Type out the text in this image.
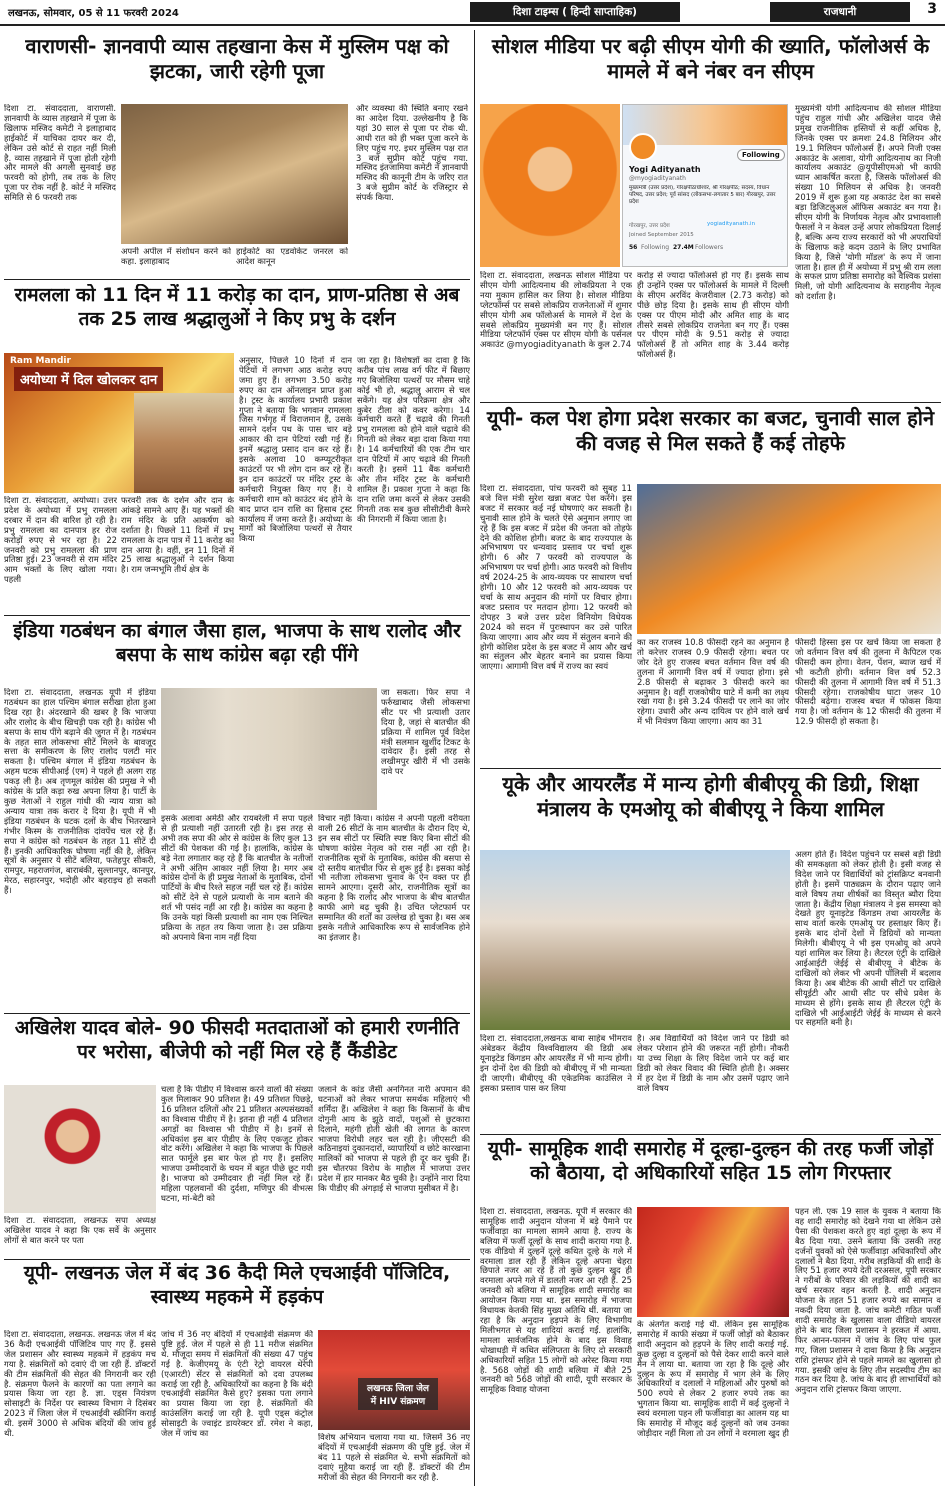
लखनऊ, सोमवार, 05 से 11 फरवरी 2024	दिशा टाइम्स ( हिन्दी साप्ताहिक)	राजधानी	3
वाराणसी- ज्ञानवापी व्यास तहखाना केस में मुस्लिम पक्ष को झटका, जारी रहेगी पूजा
दिशा टा. संवाददाता, वाराणसी. ज्ञानवापी के व्यास तहखाने में पूजा के खिलाफ मस्जिद कमेटी ने इलाहाबाद हाईकोर्ट में याचिका दायर कर दी, लेकिन उसे कोर्ट से राहत नहीं मिली है. व्यास तहखाने में पूजा होती रहेगी और मामले की अगली सुनवाई छह फरवरी को होगी, तब तक के लिए पूजा पर रोक नहीं है. कोर्ट ने मस्जिद समिति से 6 फरवरी तक
अपनी अपील में संशोधन करने को कहा. इलाहाबाद
हाईकोर्ट का एडवोकेट जनरल को आदेश कानून
और व्यवस्था की स्थिति बनाए रखने का आदेश दिया. उल्लेखनीय है कि यहां 30 साल से पूजा पर रोक थी. आधी रात को ही भक्त पूजा करने के लिए पहुंच गए. इधर मुस्लिम पक्ष रात 3 बजे सुप्रीम कोर्ट पहुंच गया. मस्जिद इंतजामिया कमेटी ने ज्ञानवापी मस्जिद की कानूनी टीम के जरिए रात 3 बजे सुप्रीम कोर्ट के रजिस्ट्रार से संपर्क किया.
रामलला को 11 दिन में 11 करोड़ का दान, प्राण-प्रतिष्ठा से अब तक 25 लाख श्रद्धालुओं ने किए प्रभु के दर्शन
Ram Mandir
अयोध्या में दिल खोलकर दान
दिशा टा. संवाददाता, अयोध्या। उत्तर प्रदेश के अयोध्या में प्रभु रामलला दरबार में दान की बारिश हो रही है। प्रभु रामलला का दानपात्र हर रोज करोड़ों रुपए से भर रहा है। 22 जनवरी को प्रभु रामलला की प्राण प्रतिष्ठा हुई। 23 जनवरी से राम मंदिर आम भक्तों के लिए खोला गया। पहली
फरवरी तक के दर्शन और दान के आंकड़े सामने आए हैं। यह भक्तों की राम मंदिर के प्रति आकर्षण को दर्शाता है। पिछले 11 दिनों में प्रभु रामलला के दान पात्र में 11 करोड़ का दान आया है। वहीं, इन 11 दिनों में 25 लाख श्रद्धालुओं ने दर्शन किया है। राम जन्मभूमि तीर्थ क्षेत्र के
अनुसार, पिछले 10 दिनों में दान पेटियों में लगभग आठ करोड़ रुपए जमा हुए हैं। लगभग 3.50 करोड़ रुपए का दान ऑनलाइन प्राप्त हुआ है। ट्रस्ट के कार्यालय प्रभारी प्रकाश गुप्ता ने बताया कि भगवान रामलला जिस गर्भगृह में विराजमान हैं, उसके सामने दर्शन पथ के पास चार बड़े आकार की दान पेटियां रखी गई हैं। इनमें श्रद्धालु प्रसाद दान कर रहे हैं। इसके अलावा 10 कम्प्यूटरीकृत काउंटरों पर भी लोग दान कर रहे हैं। इन दान काउंटरों पर मंदिर ट्रस्ट के कर्मचारी नियुक्त किए गए हैं। ये कर्मचारी शाम को काउंटर बंद होने के बाद प्राप्त दान राशि का हिसाब ट्रस्ट कार्यालय में जमा करते हैं। अयोध्या के मार्गों को बिजोलिया पत्थरों से तैयार किया
जा रहा है। विशेषज्ञों का दावा है कि करीब पांच लाख वर्ग फीट में बिछाए गए बिजोलिया पत्थरों पर मौसम चाहे कोई भी हो, श्रद्धालु आराम से चल सकेंगे। यह क्षेत्र परिक्रमा क्षेत्र और कुबेर टीला को कवर करेगा। 14 कर्मचारी करते हैं चढ़ावे की गिनती प्रभु रामलला को होने वाले चढ़ावे की गिनती को लेकर बड़ा दावा किया गया है। 14 कर्मचारियों की एक टीम चार दान पेटियों में आए चढ़ावे की गिनती करती है। इसमें 11 बैंक कर्मचारी और तीन मंदिर ट्रस्ट के कर्मचारी शामिल हैं। प्रकाश गुप्ता ने कहा कि दान राशि जमा करने से लेकर उसकी गिनती तक सब कुछ सीसीटीवी कैमरे की निगरानी में किया जाता है।
इंडिया गठबंधन का बंगाल जैसा हाल, भाजपा के साथ रालोद और बसपा के साथ कांग्रेस बढ़ा रही पींगे
दिशा टा. संवाददाता, लखनऊ यूपी में इंडिया गठबंधन का हाल पश्चिम बंगाल सरीखा होता हुआ दिख रहा है। अंदरखाने की खबर है कि भाजपा और रालोद के बीच खिचड़ी पक रही है। कांग्रेस भी बसपा के साथ पींगे बढ़ाने की जुगत में है। गठबंधन के तहत सात लोकसभा सीटें मिलने के बावजूद सत्ता के समीकरण के लिए रालोद पलटी मार सकता है। पश्चिम बंगाल में इंडिया गठबंधन के अहम घटक सीपीआई (एम) ने पहले ही अलग राह पकड़ ली है। अब तृणमूल कांग्रेस की प्रमुख ने भी कांग्रेस के प्रति कड़ा रुख अपना लिया है। पार्टी के कुछ नेताओं ने राहुल गांधी की न्याय यात्रा को अन्याय यात्रा तक करार दे दिया है। यूपी में भी इंडिया गठबंधन के घटक दलों के बीच भितरखाने गंभीर किस्म के राजनीतिक दांवपेंच चल रहे हैं। सपा ने कांग्रेस को गठबंधन के तहत 11 सीटें दी हैं। इनकी आधिकारिक घोषणा नहीं की है, लेकिन सूत्रों के अनुसार ये सीटें बलिया, फतेहपुर सीकरी, रामपुर, महराजगंज, बाराबंकी, सुल्तानपुर, कानपुर, मेरठ, सहारनपुर, भदोही और बहराइच हो सकती हैं।
जा सकता। फिर सपा ने फर्रुखाबाद जैसी लोकसभा सीट पर भी प्रत्याशी उतार दिया है, जहां से बातचीत की प्रक्रिया में शामिल पूर्व विदेश मंत्री सलमान खुर्शीद टिकट के दावेदार हैं। इसी तरह से लखीमपुर खीरी में भी उसके दावे पर
इसके अलावा अमेठी और रायबरेली में सपा पहले से ही प्रत्याशी नहीं उतारती रही है। इस तरह से अभी तक सपा की ओर से कांग्रेस के लिए कुल 13 सीटों की पेशकश की गई है। हालांकि, कांग्रेस के बड़े नेता लगातार कह रहे हैं कि बातचीत के नतीजों ने अभी अंतिम आकार नहीं लिया है। मगर अब कांग्रेस दोनों के ही प्रमुख नेताओं के मुताबिक, दोनों पार्टियों के बीच रिश्ते सहज नहीं चल रहे हैं। कांग्रेस को सीटें देने से पहले प्रत्याशी के नाम बताने की शर्त भी पसंद नहीं आ रही है। कांग्रेस का कहना है कि उनके यहां किसी प्रत्याशी का नाम एक निश्चित प्रक्रिया के तहत तय किया जाता है। उस प्रक्रिया को अपनाये बिना नाम नहीं दिया
विचार नहीं किया। कांग्रेस ने अपनी पहली वरीयता वाली 26 सीटों के नाम बातचीत के दौरान दिए थे, इन सब सीटों पर स्थिति स्पष्ट किए बिना सीटों की घोषणा कांग्रेस नेतृत्व को रास नहीं आ रही है। राजनीतिक सूत्रों के मुताबिक, कांग्रेस की बसपा से दो स्तरीय बातचीत फिर से शुरू हुई है। इसका कोई भी नतीजा लोकसभा चुनाव के ऐन वक्त पर ही सामने आएगा। दूसरी ओर, राजनीतिक सूत्रों का कहना है कि रालोद और भाजपा के बीच बातचीत काफी आगे बढ़ चुकी है। उचित प्लेटफार्म पर सम्मानित की शर्तों का उल्लेख हो चुका है। बस अब इसके नतीजे आधिकारिक रूप से सार्वजनिक होने का इंतजार है।
अखिलेश यादव बोले- 90 फीसदी मतदाताओं को हमारी रणनीति पर भरोसा, बीजेपी को नहीं मिल रहे हैं कैंडीडेट
दिशा टा. संवाददाता, लखनऊ सपा अध्यक्ष अखिलेश यादव ने कहा कि एक सर्वे के अनुसार लोगों से बात करने पर पता
चला है कि पीडीए में विश्वास करने वालों की संख्या कुल मिलाकर 90 प्रतिशत है। 49 प्रतिशत पिछड़े, 16 प्रतिशत दलितों और 21 प्रतिशत अल्पसंख्यकों का विश्वास पीडीए में है। इतना ही नहीं 4 प्रतिशत अगड़ों का विश्वास भी पीडीए में है। इनमें से अधिकांश इस बार पीडीए के लिए एकजुट होकर वोट करेंगे। अखिलेश ने कहा कि भाजपा के पिछले सात फार्मूले इस बार फेल हो गए हैं। इसलिए भाजपा उम्मीदवारों के चयन में बहुत पीछे छूट गयी है। भाजपा को उम्मीदवार ही नहीं मिल रहे हैं। महिला पहलवानों की दुर्दशा, मणिपुर की वीभत्स घटना, मां-बेटी को
जलाने के कांड जैसी अनगिनत नारी अपमान की घटनाओं को लेकर भाजपा समर्थक महिलाएं भी शर्मिंदा हैं। अखिलेश ने कहा कि किसानों के बीच दोगुनी आय के झूठे वादों, पशुओं से छुटकारा दिलाने, महंगी होती खेती की लागत के कारण भाजपा विरोधी लहर चल रही है। जीएसटी की कठिनाइयां दुकानदारों, व्यापारियों व छोटे कारखाना मालिकों को भाजपा से पहले ही दूर कर चुकी हैं। इस चौतरफा विरोध के माहौल में भाजपा उत्तर प्रदेश में हार मानकर बैठ चुकी है। उन्होंने नारा दिया कि पीडीए की अंगड़ाई से भाजपा मुसीबत में है।
यूपी- लखनऊ जेल में बंद 36 कैदी मिले एचआईवी पॉजिटिव, स्वास्थ्य महकमे में हड़कंप
दिशा टा. संवाददाता, लखनऊ. लखनऊ जेल में बंद 36 कैदी एचआईवी पॉजिटिव पाए गए हैं. इससे जेल प्रशासन और स्वास्थ्य महकमे में हड़कंप मच गया है. संक्रमितों को दवाएं दी जा रही हैं. डॉक्टरों की टीम संक्रमितों की सेहत की निगरानी कर रही है. संक्रमण फैलने के कारणों का पता लगाने का प्रयास किया जा रहा है. ज्ञा. एड्स नियंत्रण सोसाइटी के निर्देश पर स्वास्थ्य विभाग ने दिसंबर 2023 में जिला जेल में एचआईवी स्क्रीनिंग कराई थी. इसमें 3000 से अधिक बंदियों की जांच हुई थी.
जांच में 36 नए बंदियों में एचआईवी संक्रमण की पुष्टि हुई. जेल में पहले से ही 11 मरीज संक्रमित थे. मौजूदा समय में संक्रमितों की संख्या 47 पहुंच गई है. केजीएमयू के एंटी रेट्रो वायरल थेरेपी (एआरटी) सेंटर से संक्रमितों को दवा उपलब्ध कराई जा रही है. अधिकारियों का कहना है कि बंदी एचआईवी संक्रमित कैसे हुए? इसका पता लगाने का प्रयास किया जा रहा है. संक्रमितों की काउंसलिंग कराई जा रही है. यूपी एड्स कंट्रोल सोसाइटी के ज्वाइंट डायरेक्टर डॉ. रमेश ने कहा, जेल में जांच का
लखनऊ जिला जेल में HIV संक्रमण
विशेष अभियान चलाया गया था. जिसमें 36 नए बंदियों में एचआईवी संक्रमण की पुष्टि हुई. जेल में बंद 11 पहले से संक्रमित थे. सभी संक्रमितों को दवाएं मुहैया कराई जा रही हैं. डॉक्टरों की टीम मरीजों की सेहत की निगरानी कर रही है.
सोशल मीडिया पर बढ़ी सीएम योगी की ख्याति, फॉलोअर्स के मामले में बने नंबर वन सीएम
Following
Yogi Adityanath
@myogiadityanath
मुख्यमंत्री (उत्तर प्रदेश), गोरक्षपीठाधीश्वर, श्री गोरक्षपीठ; सदस्य, विधान परिषद, उत्तर प्रदेश; पूर्व सांसद (लोकसभा-लगातार 5 बार) गोरखपुर, उत्तर प्रदेश
गोरखपुर, उत्तर प्रदेश	yogiadityanath.in
Joined September 2015
56 Following 27.4M Followers
दिशा टा. संवाददाता, लखनऊ सोशल मीडिया पर सीएम योगी आदित्यनाथ की लोकप्रियता ने एक नया मुकाम हासिल कर लिया है। सोशल मीडिया प्लेटफॉर्म्स पर सबसे लोकप्रिय राजनेताओं में शुमार सीएम योगी अब फॉलोअर्स के मामले में देश के सबसे लोकप्रिय मुख्यमंत्री बन गए हैं। सोशल मीडिया प्लेटफॉर्म एक्स पर सीएम योगी के पर्सनल अकाउंट @myogiadityanath के कुल 2.74
करोड़ से ज्यादा फॉलोअर्स हो गए हैं। इसके साथ ही उन्होंने एक्स पर फॉलोअर्स के मामले में दिल्ली के सीएम अरविंद केजरीवाल (2.73 करोड़) को पीछे छोड़ दिया है। इसके साथ ही सीएम योगी एक्स पर पीएम मोदी और अमित शाह के बाद तीसरे सबसे लोकप्रिय राजनेता बन गए हैं। एक्स पर पीएम मोदी के 9.51 करोड़ से ज्यादा फॉलोअर्स हैं तो अमित शाह के 3.44 करोड़ फॉलोअर्स हैं।
मुख्यमंत्री योगी आदित्यनाथ की सोशल मीडिया पहुंच राहुल गांधी और अखिलेश यादव जैसे प्रमुख राजनीतिक हस्तियों से कहीं अधिक है, जिनके एक्स पर क्रमशः 24.8 मिलियन और 19.1 मिलियन फॉलोअर्स हैं। अपने निजी एक्स अकाउंट के अलावा, योगी आदित्यनाथ का निजी कार्यालय अकाउंट @यूपीसीएमओ भी काफी ध्यान आकर्षित करता है, जिसके फॉलोअर्स की संख्या 10 मिलियन से अधिक है। जनवरी 2019 में शुरू हुआ यह अकाउंट देश का सबसे बड़ा डिजिटलुअल ऑफिस अकाउंट बन गया है। सीएम योगी के निर्णायक नेतृत्व और प्रभावशाली फैसलों ने न केवल उन्हें अपार लोकप्रियता दिलाई है, बल्कि अन्य राज्य सरकारों को भी अपराधियों के खिलाफ कड़े कदम उठाने के लिए प्रभावित किया है, जिसे 'योगी मॉडल' के रूप में जाना जाता है। हाल ही में अयोध्या में प्रभु श्री राम लला के सफल प्राण प्रतिष्ठा समारोह को वैश्विक प्रशंसा मिली, जो योगी आदित्यनाथ के सराहनीय नेतृत्व को दर्शाता है।
यूपी- कल पेश होगा प्रदेश सरकार का बजट, चुनावी साल होने की वजह से मिल सकते हैं कई तोहफे
दिशा टा. संवाददाता, पांच फरवरी को सुबह 11 बजे वित्त मंत्री सुरेश खन्ना बजट पेश करेंगे। इस बजट में सरकार कई नई घोषणाएं कर सकती है। चुनावी साल होने के चलते ऐसे अनुमान लगाए जा रहे हैं कि इस बजट में प्रदेश की जनता को तोहफे देने की कोशिश होगी। बजट के बाद राज्यपाल के अभिभाषण पर धन्यवाद प्रस्ताव पर चर्चा शुरू होगी। 6 और 7 फरवरी को राज्यपाल के अभिभाषण पर चर्चा होगी। आठ फरवरी को वित्तीय वर्ष 2024-25 के आय-व्ययक पर साधारण चर्चा होगी। 10 और 12 फरवरी को आय-व्ययक पर चर्चा के साथ अनुदान की मांगों पर विचार होगा। बजट प्रस्ताव पर मतदान होगा। 12 फरवरी को दोपहर 3 बजे उत्तर प्रदेश विनियोग विधेयक 2024 को सदन में पुरःस्थापन कर उसे पारित किया जाएगा। आय और व्यय में संतुलन बनाने की होगी कोशिश प्रदेश के इस बजट में आय और खर्च का संतुलन और बेहतर बनाने का प्रयास किया जाएगा। आगामी वित्त वर्ष में राज्य का स्वयं
का कर राजस्व 10.8 फीसदी रहने का अनुमान है तो करेत्तर राजस्व 0.9 फीसदी रहेगा। बचत पर जोर देते हुए राजस्व बचत वर्तमान वित्त वर्ष की तुलना में आगामी वित्त वर्ष में ज्यादा होगा। इसे 2.8 फीसदी से बढ़ाकर 3 फीसदी करने का अनुमान है। वहीं राजकोषीय घाटे में कमी का लक्ष्य रखा गया है। इसे 3.24 फीसदी पर लाने का जोर रहेगा। उधारी और अन्य दायित्व पर होने वाले खर्च में भी नियंत्रण किया जाएगा। आय का 31
फीसदी हिस्सा इस पर खर्च किया जा सकता है जो वर्तमान वित्त वर्ष की तुलना में कैपिटल एक फीसदी कम होगा। वेतन, पेंशन, ब्याज खर्च में भी कटौती होगी। वर्तमान वित्त वर्ष 52.3 फीसदी की तुलना में आगामी वित्त वर्ष में 51.3 फीसदी रहेगा। राजकोषीय घाटा जरूर 10 फीसदी बढ़ेगा। राजस्व बचत में फोकस किया गया है। जो वर्तमान के 12 फीसदी की तुलना में 12.9 फीसदी हो सकता है।
यूके और आयरलैंड में मान्य होगी बीबीएयू की डिग्री, शिक्षा मंत्रालय के एमओयू को बीबीएयू ने किया शामिल
दिशा टा. संवाददाता,लखनऊ बाबा साहेब भीमराव अंबेडकर केंद्रीय विश्वविद्यालय की डिग्री अब यूनाइटेड किंगडम और आयरलैंड में भी मान्य होगी। इन दोनों देश की डिग्री को बीबीएयू में भी मान्यता दी जाएगी। बीबीएयू की एकेडमिक काउंसिल ने इसका प्रस्ताव पास कर लिया
है। अब विद्यार्थियों को विदेश जाने पर डिग्री को लेकर परेशान होने की जरूरत नहीं होगी। नौकरी या उच्च शिक्षा के लिए विदेश जाने पर कई बार डिग्री को लेकर विवाद की स्थिति होती है। अक्सर में हर देश में डिग्री के नाम और उसमें पढ़ाए जाने वाले विषय
अलग होते हैं। विदेश पहुंचने पर सबसे बड़ी डिग्री की समकक्षता को लेकर होती है। इसी वजह से विदेश जाने पर विद्यार्थियों को ट्रांसक्रिप्ट बनवानी होती है। इसमें पाठ्यक्रम के दौरान पढ़ाए जाने वाले विषय तथा शीर्षकों का विस्तृत ब्यौरा दिया जाता है। केंद्रीय शिक्षा मंत्रालय ने इस समस्या को देखते हुए यूनाइटेड किंगडम तथा आयरलैंड के साथ वार्ता करके एमओयू पर हस्ताक्षर किए हैं। इसके बाद दोनों देशों में डिग्रियों को मान्यता मिलेगी। बीबीएयू ने भी इस एमओयू को अपने यहां शामिल कर लिया है। लैटरल एंट्री के दाखिले आईआईटी जेईई से बीबीएयू ने बीटेक के दाखिलों को लेकर भी अपनी पॉलिसी में बदलाव किया है। अब बीटेक की आधी सीटों पर दाखिले सीयूईटी और आधी सीट पर सीधे प्रवेश के माध्यम से होंगे। इसके साथ ही लैटरल एंट्री के दाखिले भी आईआईटी जेईई के माध्यम से करने पर सहमति बनी है।
यूपी- सामूहिक शादी समारोह में दूल्हा-दुल्हन की तरह फर्जी जोड़ों को बैठाया, दो अधिकारियों सहित 15 लोग गिरफ्तार
दिशा टा. संवाददाता, लखनऊ. यूपी में सरकार की सामूहिक शादी अनुदान योजना में बड़े पैमाने पर फर्जीवाड़ा का मामला सामने आया है. राज्य के बलिया में फर्जी दूल्हों के साथ शादी कराया गया है. एक वीडियो में दुल्हनें दूल्हे कथित दूल्हे के गले में वरमाला डाल रही हैं लेकिन दूल्हे अपना चेहरा छिपाते नजर आ रहे हैं तो कुछ दुल्हन खुद ही वरमाला अपने गले में डालती नजर आ रही हैं. 25 जनवरी को बलिया में सामूहिक शादी समारोह का आयोजन किया गया था. इस समारोह में भाजपा विधायक केतकी सिंह मुख्य अतिथि थीं. बताया जा रहा है कि अनुदान हड़पने के लिए विभागीय मिलीभगत से यह शादियां कराई गईं. हालांकि, मामला सार्वजनिक होने के बाद इस विवाह धोखाधड़ी में कथित संलिप्तता के लिए दो सरकारी अधिकारियों सहित 15 लोगों को अरेस्ट किया गया है. 568 जोड़ों की शादी बलिया में बीते 25 जनवरी को 568 जोड़ों की शादी, यूपी सरकार के सामूहिक विवाह योजना
के अंतर्गत कराई गई थी. लेकिन इस सामूहिक समारोह में काफी संख्या में फर्जी जोड़ों को बैठाकर शादी अनुदान को हड़पने के लिए शादी कराई गई. कुछ दुल्हा व दुल्हनों को पैसे देकर शादी करने वाले मैन ने लाया था. बताया जा रहा है कि दूल्हे और दुल्हन के रूप में समारोह में भाग लेने के लिए अधिकारियों व दलालों ने महिलाओं और पुरुषों को 500 रुपये से लेकर 2 हजार रुपये तक का भुगतान किया था. सामूहिक शादी में कई दुल्हनों ने स्वयं वरमाला पहन ली फर्जीवाड़ा का आलम यह था कि समारोह में मौजूद कई दुल्हनों को जब उनका जोड़ीदार नहीं मिला तो उन लोगों ने वरमाला खुद ही
पहन ली. एक 19 साल के युवक ने बताया कि वह शादी समारोह को देखने गया था लेकिन उसे पैसा की पेशकश करते हुए वहां दूल्हा के रूप में बैठ दिया गया. उसने बताया कि उसकी तरह दर्जनों युवकों को ऐसे फर्जीवाड़ा अधिकारियों और दलालों ने बैठा दिया. गरीब लड़कियों की शादी के लिए 51 हजार रुपये देती दरअसल, यूपी सरकार ने गरीबों के परिवार की लड़कियों की शादी का खर्च सरकार वहन करती है. शादी अनुदान योजना के तहत 51 हजार रुपये का सामान व नकदी दिया जाता है. जांच कमेटी गठित फर्जी शादी समारोह के खुलासा वाला वीडियो वायरल होने के बाद जिला प्रशासन ने हरकत में आया. फिर आनन-फानन में जांच के लिए पांच फुल गए, जिला प्रशासन ने दावा किया है कि अनुदान राशि ट्रांसफर होने से पहले मामले का खुलासा हो गया. इसकी जांच के लिए तीन सदस्यीय टीम का गठन कर दिया है. जांच के बाद ही लाभार्थियों को अनुदान राशि ट्रांसफर किया जाएगा.
